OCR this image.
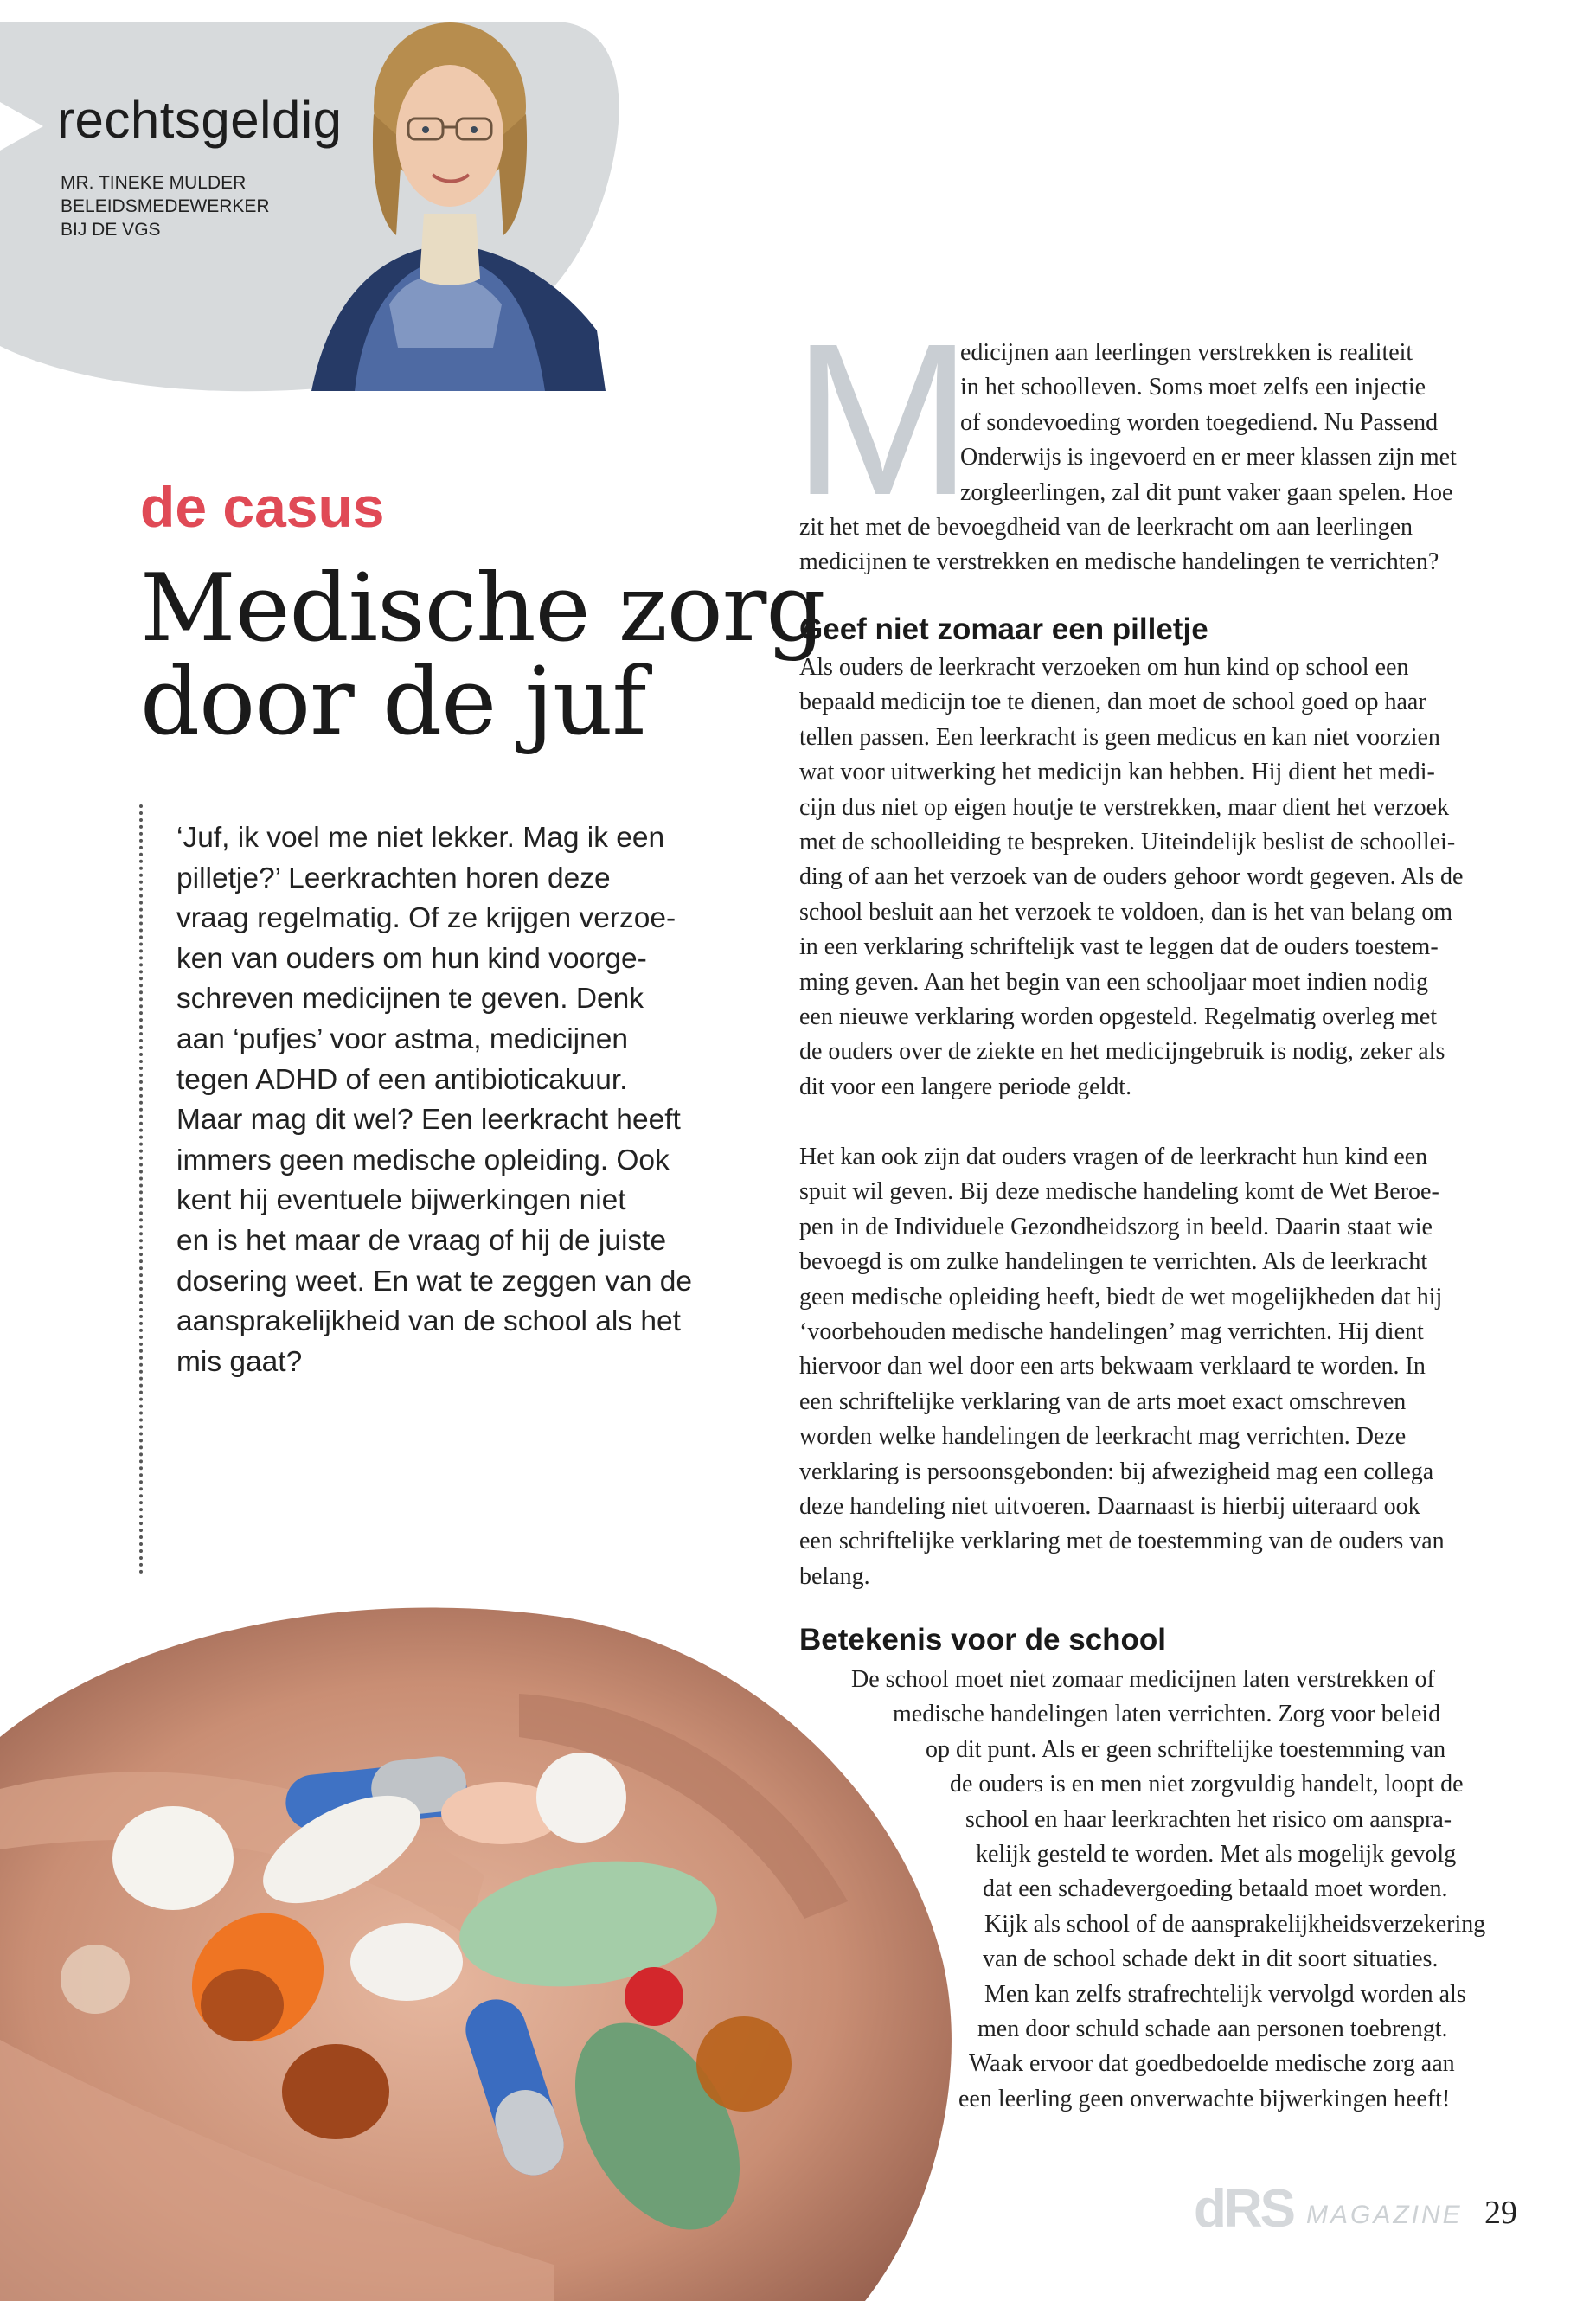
rechtsgeldig
MR. TINEKE MULDER
BELEIDSMEDEWERKER
BIJ DE VGS
de casus
Medische zorg
door de juf
‘Juf, ik voel me niet lekker. Mag ik een
pilletje?’ Leerkrachten horen deze
vraag regelmatig. Of ze krijgen verzoe-
ken van ouders om hun kind voorge-
schreven medicijnen te geven. Denk
aan ‘pufjes’ voor astma, medicijnen
tegen ADHD of een antibioticakuur.
Maar mag dit wel? Een leerkracht heeft
immers geen medische opleiding. Ook
kent hij eventuele bijwerkingen niet
en is het maar de vraag of hij de juiste
dosering weet. En wat te zeggen van de
aansprakelijkheid van de school als het
mis gaat?
M
edicijnen aan leerlingen verstrekken is realiteit
in het schoolleven. Soms moet zelfs een injectie
of sondevoeding worden toegediend. Nu Passend
Onderwijs is ingevoerd en er meer klassen zijn met
zorgleerlingen, zal dit punt vaker gaan spelen. Hoe
zit het met de bevoegdheid van de leerkracht om aan leerlingen
medicijnen te verstrekken en medische handelingen te verrichten?
Geef niet zomaar een pilletje
Als ouders de leerkracht verzoeken om hun kind op school een
bepaald medicijn toe te dienen, dan moet de school goed op haar
tellen passen. Een leerkracht is geen medicus en kan niet voorzien
wat voor uitwerking het medicijn kan hebben. Hij dient het medi-
cijn dus niet op eigen houtje te verstrekken, maar dient het verzoek
met de schoolleiding te bespreken. Uiteindelijk beslist de schoollei-
ding of aan het verzoek van de ouders gehoor wordt gegeven. Als de
school besluit aan het verzoek te voldoen, dan is het van belang om
in een verklaring schriftelijk vast te leggen dat de ouders toestem-
ming geven. Aan het begin van een schooljaar moet indien nodig
een nieuwe verklaring worden opgesteld. Regelmatig overleg met
de ouders over de ziekte en het medicijngebruik is nodig, zeker als
dit voor een langere periode geldt.
Het kan ook zijn dat ouders vragen of de leerkracht hun kind een
spuit wil geven. Bij deze medische handeling komt de Wet Beroe-
pen in de Individuele Gezondheidszorg in beeld. Daarin staat wie
bevoegd is om zulke handelingen te verrichten. Als de leerkracht
geen medische opleiding heeft, biedt de wet mogelijkheden dat hij
‘voorbehouden medische handelingen’ mag verrichten. Hij dient
hiervoor dan wel door een arts bekwaam verklaard te worden. In
een schriftelijke verklaring van de arts moet exact omschreven
worden welke handelingen de leerkracht mag verrichten. Deze
verklaring is persoonsgebonden: bij afwezigheid mag een collega
deze handeling niet uitvoeren. Daarnaast is hierbij uiteraard ook
een schriftelijke verklaring met de toestemming van de ouders van
belang.
Betekenis voor de school
De school moet niet zomaar medicijnen laten verstrekken of
medische handelingen laten verrichten. Zorg voor beleid
op dit punt. Als er geen schriftelijke toestemming van
de ouders is en men niet zorgvuldig handelt, loopt de
school en haar leerkrachten het risico om aanspra-
kelijk gesteld te worden. Met als mogelijk gevolg
dat een schadevergoeding betaald moet worden.
Kijk als school of de aansprakelijkheidsverzekering
van de school schade dekt in dit soort situaties.
Men kan zelfs strafrechtelijk vervolgd worden als
men door schuld schade aan personen toebrengt.
Waak ervoor dat goedbedoelde medische zorg aan
een leerling geen onverwachte bijwerkingen heeft!
dRS MAGAZINE 29
